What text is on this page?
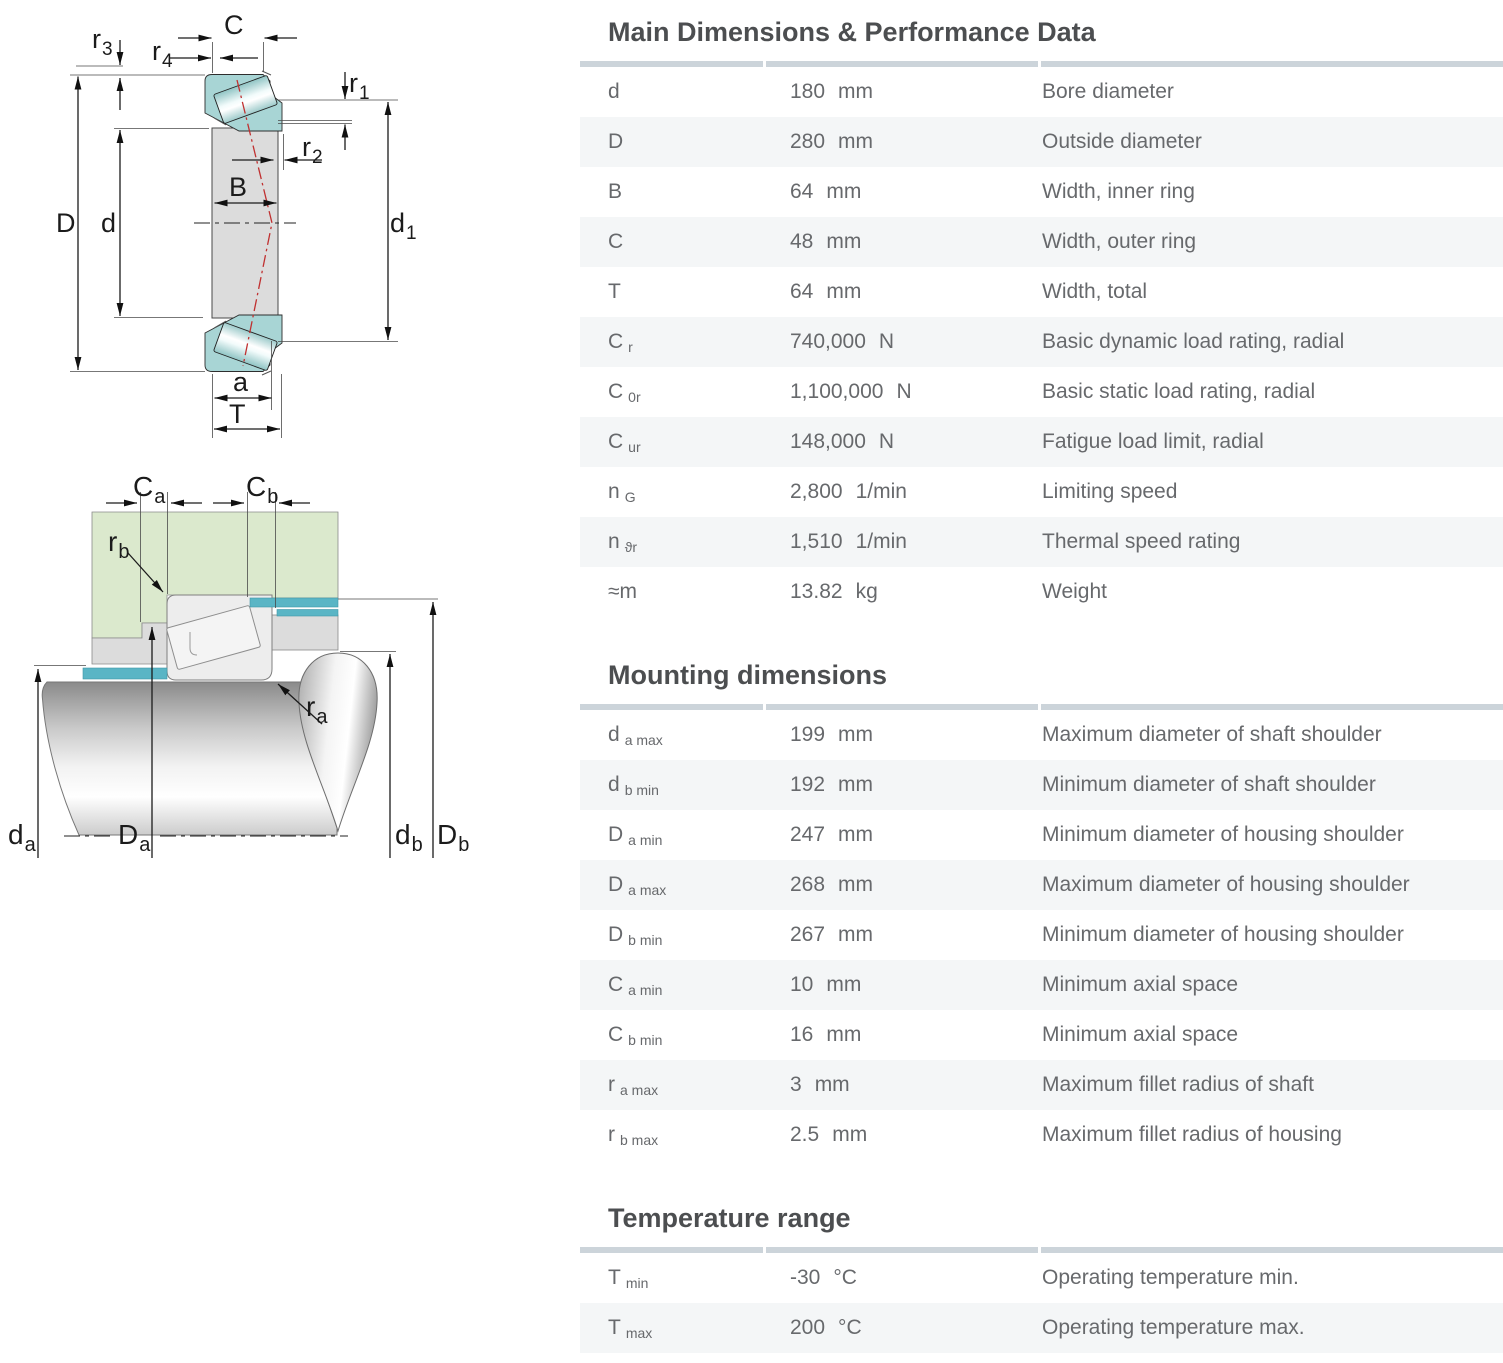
$r_3$ $r_4$
C
$r_1$
$r_2$
B
D d	$d_1$
a
T
$C_a$	$C_b$
$r_b$
$r_a$
$d_a$	$D_a$	$d_b$ $D_b$
Main Dimensions & Performance Data
d	180 mm	Bore diameter
D	280 mm	Outside diameter
B	64 mm	Width, inner ring
C	48 mm	Width, outer ring
T	64 mm	Width, total
Cr	740,000 N	Basic dynamic load rating, radial
C 0r	1,100,000 N	Basic static load rating, radial
Cur	148,000 N	Fatigue load limit, radial
n G	2,800 1/min	Limiting speed
nϑr	1,510 1/min	Thermal speed rating
≈m	13.82 kg	Weight
Mounting dimensions
da max	199 mm	Maximum diameter of shaft shoulder
db min	192 mm	Minimum diameter of shaft shoulder
Da min	247 mm	Minimum diameter of housing shoulder
Da max	268 mm	Maximum diameter of housing shoulder
Db min	267 mm	Minimum diameter of housing shoulder
Ca min	10 mm	Minimum axial space
Cb min	16 mm	Minimum axial space
ra max	3 mm	Maximum fillet radius of shaft
rb max	2.5 mm	Maximum fillet radius of housing
Temperature range
Tmin	-30 °C	Operating temperature min.
Tmax	200 °C	Operating temperature max.
